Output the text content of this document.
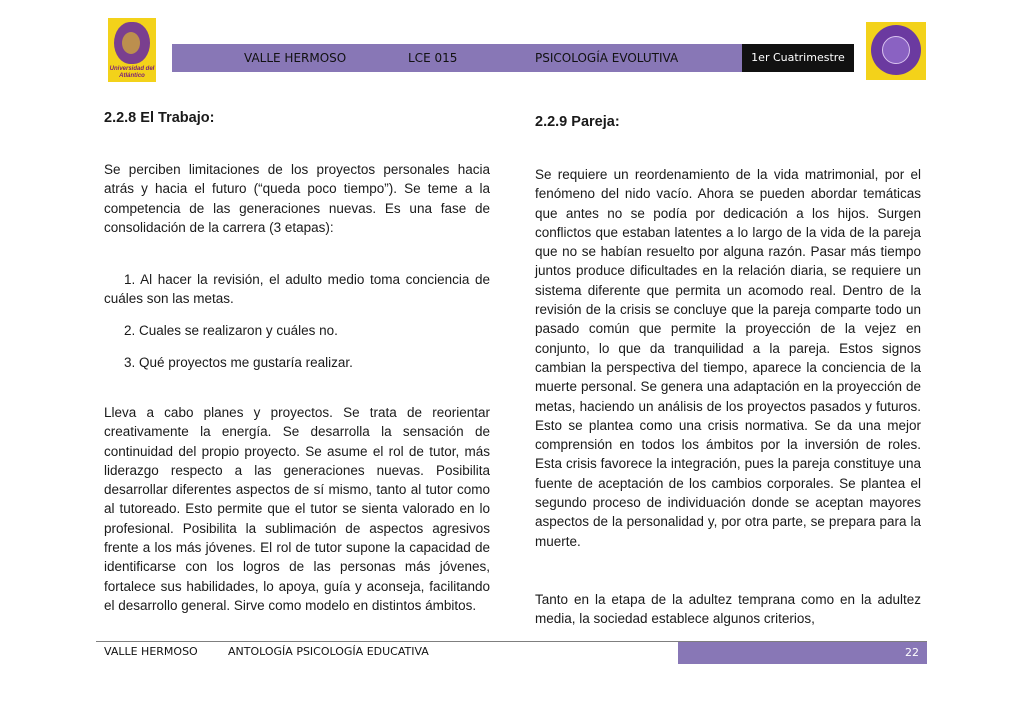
Universidad del Atlántico
VALLE HERMOSO	LCE 015	PSICOLOGÍA EVOLUTIVA	1er Cuatrimestre
2.2.8 El Trabajo:

Se perciben limitaciones de los proyectos personales hacia atrás y hacia el futuro (“queda poco tiempo”). Se teme a la competencia de las generaciones nuevas. Es una fase de consolidación de la carrera (3 etapas):

1. Al hacer la revisión, el adulto medio toma conciencia de cuáles son las metas.

2. Cuales se realizaron y cuáles no.
3. Qué proyectos me gustaría realizar.

Lleva a cabo planes y proyectos. Se trata de reorientar creativamente la energía. Se desarrolla la sensación de continuidad del propio proyecto. Se asume el rol de tutor, más liderazgo respecto a las generaciones nuevas. Posibilita desarrollar diferentes aspectos de sí mismo, tanto al tutor como al tutoreado. Esto permite que el tutor se sienta valorado en lo profesional. Posibilita la sublimación de aspectos agresivos frente a los más jóvenes. El rol de tutor supone la capacidad de identificarse con los logros de las personas más jóvenes, fortalece sus habilidades, lo apoya, guía y aconseja, facilitando el desarrollo general. Sirve como modelo en distintos ámbitos.

2.2.9 Pareja:

Se requiere un reordenamiento de la vida matrimonial, por el fenómeno del nido vacío. Ahora se pueden abordar temáticas que antes no se podía por dedicación a los hijos. Surgen conflictos que estaban latentes a lo largo de la vida de la pareja que no se habían resuelto por alguna razón. Pasar más tiempo juntos produce dificultades en la relación diaria, se requiere un sistema diferente que permita un acomodo real. Dentro de la revisión de la crisis se concluye que la pareja comparte todo un pasado común que permite la proyección de la vejez en conjunto, lo que da tranquilidad a la pareja. Estos signos cambian la perspectiva del tiempo, aparece la conciencia de la muerte personal. Se genera una adaptación en la proyección de metas, haciendo un análisis de los proyectos pasados y futuros. Esto se plantea como una crisis normativa. Se da una mejor comprensión en todos los ámbitos por la inversión de roles. Esta crisis favorece la integración, pues la pareja constituye una fuente de aceptación de los cambios corporales. Se plantea el segundo proceso de individuación donde se aceptan mayores aspectos de la personalidad y, por otra parte, se prepara para la muerte.

Tanto en la etapa de la adultez temprana como en la adultez media, la sociedad establece algunos criterios,

VALLE HERMOSO	ANTOLOGÍA PSICOLOGÍA EDUCATIVA	22
